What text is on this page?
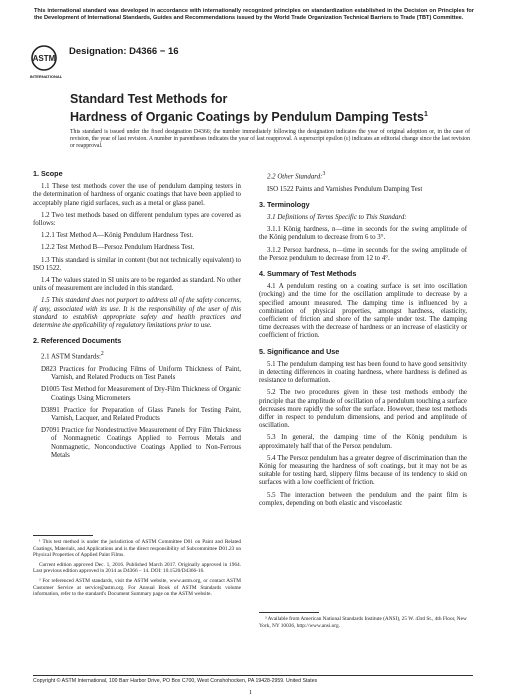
This international standard was developed in accordance with internationally recognized principles on standardization established in the Decision on Principles for the Development of International Standards, Guides and Recommendations issued by the World Trade Organization Technical Barriers to Trade (TBT) Committee.
ASTM
INTERNATIONAL
Designation: D4366 − 16
Standard Test Methods for
Hardness of Organic Coatings by Pendulum Damping Tests$^1$
This standard is issued under the fixed designation D4366; the number immediately following the designation indicates the year of original adoption or, in the case of revision, the year of last revision. A number in parentheses indicates the year of last reapproval. A superscript epsilon (ε) indicates an editorial change since the last revision or reapproval.
1. Scope

1.1 These test methods cover the use of pendulum damping testers in the determination of hardness of organic coatings that have been applied to acceptably plane rigid surfaces, such as a metal or glass panel.

1.2 Two test methods based on different pendulum types are covered as follows:

1.2.1 Test Method A—König Pendulum Hardness Test.

1.2.2 Test Method B—Persoz Pendulum Hardness Test.

1.3 This standard is similar in content (but not technically equivalent) to ISO 1522.

1.4 The values stated in SI units are to be regarded as standard. No other units of measurement are included in this standard.

1.5 This standard does not purport to address all of the safety concerns, if any, associated with its use. It is the responsibility of the user of this standard to establish appropriate safety and health practices and determine the applicability of regulatory limitations prior to use.

2. Referenced Documents

2.1 ASTM Standards:$^2$

D823 Practices for Producing Films of Uniform Thickness of Paint, Varnish, and Related Products on Test Panels

D1005 Test Method for Measurement of Dry-Film Thickness of Organic Coatings Using Micrometers

D3891 Practice for Preparation of Glass Panels for Testing Paint, Varnish, Lacquer, and Related Products

D7091 Practice for Nondestructive Measurement of Dry Film Thickness of Nonmagnetic Coatings Applied to Ferrous Metals and Nonmagnetic, Nonconductive Coatings Applied to Non-Ferrous Metals

2.2 Other Standard:$^3$

ISO 1522 Paints and Varnishes Pendulum Damping Test

3. Terminology

3.1 Definitions of Terms Specific to This Standard:

3.1.1 König hardness, n—time in seconds for the swing amplitude of the König pendulum to decrease from 6 to 3°.

3.1.2 Persoz hardness, n—time in seconds for the swing amplitude of the Persoz pendulum to decrease from 12 to 4°.

4. Summary of Test Methods

4.1 A pendulum resting on a coating surface is set into oscillation (rocking) and the time for the oscillation amplitude to decrease by a specified amount measured. The damping time is influenced by a combination of physical properties, amongst hardness, elasticity, coefficient of friction and shore of the sample under test. The damping time decreases with the decrease of hardness or an increase of elasticity or coefficient of friction.

5. Significance and Use

5.1 The pendulum damping test has been found to have good sensitivity in detecting differences in coating hardness, where hardness is defined as resistance to deformation.

5.2 The two procedures given in these test methods embody the principle that the amplitude of oscillation of a pendulum touching a surface decreases more rapidly the softer the surface. However, these test methods differ in respect to pendulum dimensions, and period and amplitude of oscillation.

5.3 In general, the damping time of the König pendulum is approximately half that of the Persoz pendulum.

5.4 The Persoz pendulum has a greater degree of discrimination than the König for measuring the hardness of soft coatings, but it may not be as suitable for testing hard, slippery films because of its tendency to skid on surfaces with a low coefficient of friction.

5.5 The interaction between the pendulum and the paint film is complex, depending on both elastic and viscoelastic

¹ This test method is under the jurisdiction of ASTM Committee D01 on Paint and Related Coatings, Materials, and Applications and is the direct responsibility of Subcommittee D01.23 on Physical Properties of Applied Paint Films.

Current edition approved Dec. 1, 2016. Published March 2017. Originally approved in 1964. Last previous edition approved in 2014 as D4366 – 14. DOI: 10.1520/D4366-16.

² For referenced ASTM standards, visit the ASTM website, www.astm.org, or contact ASTM Customer Service at service@astm.org. For Annual Book of ASTM Standards volume information, refer to the standard's Document Summary page on the ASTM website.

³ Available from American National Standards Institute (ANSI), 25 W. 43rd St., 4th Floor, New York, NY 10036, http://www.ansi.org.

Copyright © ASTM International, 100 Barr Harbor Drive, PO Box C700, West Conshohocken, PA 19428-2959. United States
1
